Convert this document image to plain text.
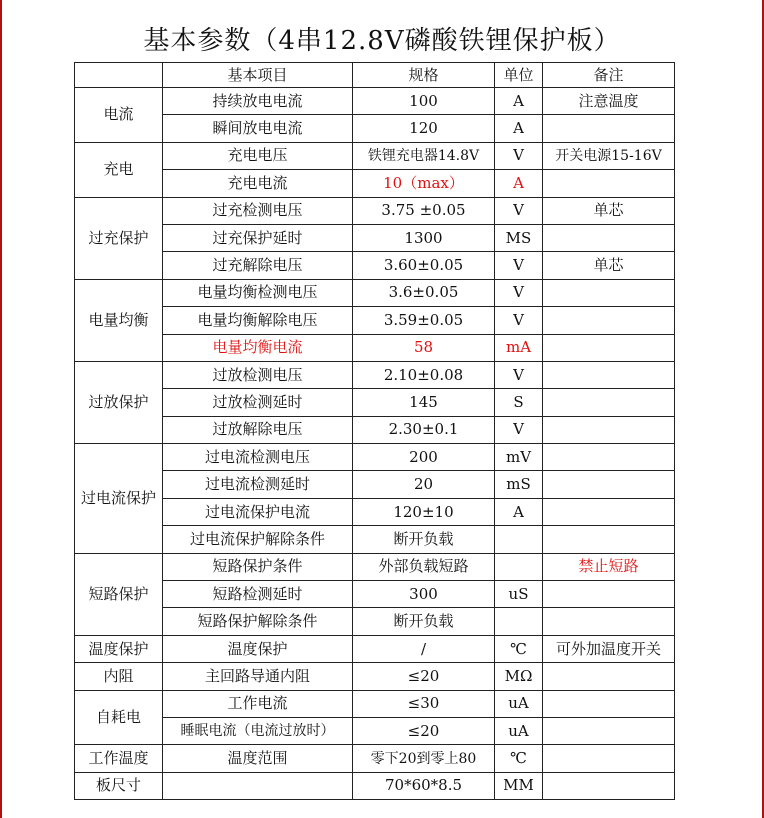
基本参数（4串12.8V磷酸铁锂保护板）
	基本项目	规格	单位	备注
电流	持续放电电流	100	A	注意温度
	瞬间放电电流	120	A	
充电	充电电压	铁锂充电器14.8V	V	开关电源15-16V
	充电电流	10（max）	A	
过充保护	过充检测电压	3.75 ±0.05	V	单芯
	过充保护延时	1300	MS	
	过充解除电压	3.60±0.05	V	单芯
电量均衡	电量均衡检测电压	3.6±0.05	V	
	电量均衡解除电压	3.59±0.05	V	
	电量均衡电流	58	mA	
过放保护	过放检测电压	2.10±0.08	V	
	过放检测延时	145	S	
	过放解除电压	2.30±0.1	V	
过电流保护	过电流检测电压	200	mV	
	过电流检测延时	20	mS	
	过电流保护电流	120±10	A	
	过电流保护解除条件	断开负载		
短路保护	短路保护条件	外部负载短路		禁止短路
	短路检测延时	300	uS	
	短路保护解除条件	断开负载		
温度保护	温度保护	/	℃	可外加温度开关
内阻	主回路导通内阻	≤20	MΩ	
自耗电	工作电流	≤30	uA	
	睡眠电流（电流过放时）	≤20	uA	
工作温度	温度范围	零下20到零上80	℃	
板尺寸		70*60*8.5	MM	
